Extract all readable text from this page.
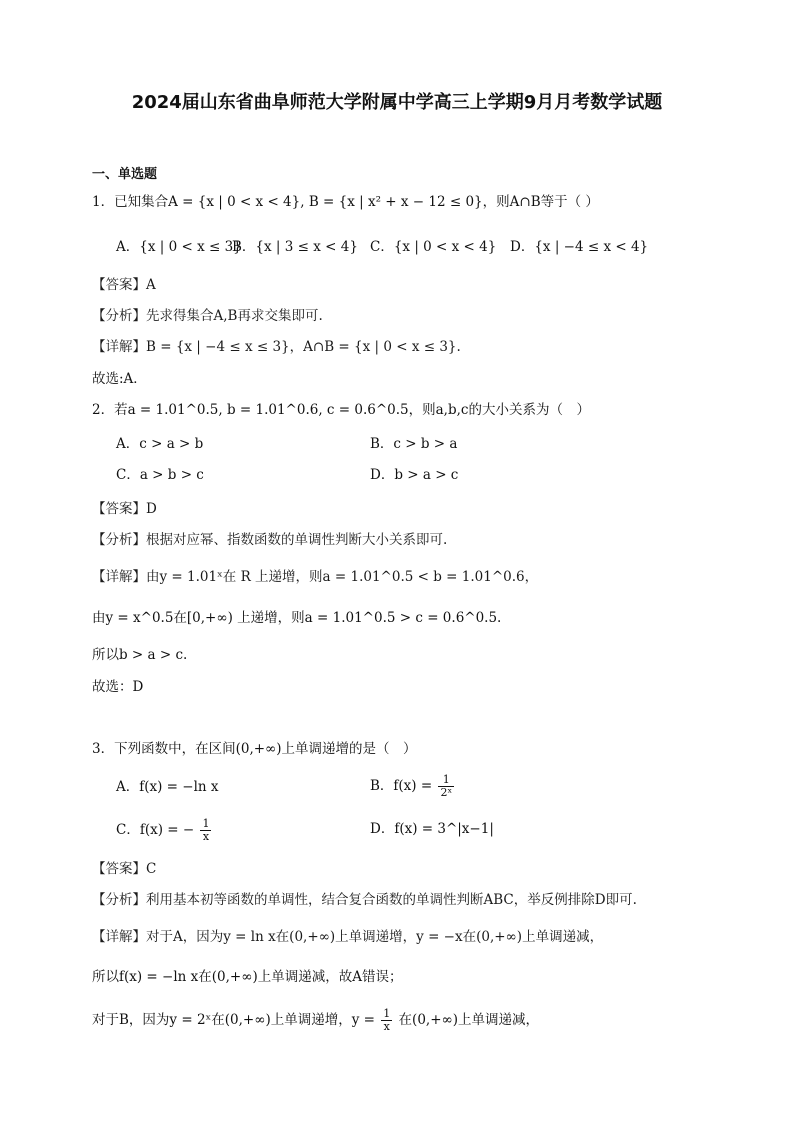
2024届山东省曲阜师范大学附属中学高三上学期9月月考数学试题
一、单选题
1．已知集合A = {x | 0 < x < 4}, B = {x | x² + x − 12 ≤ 0}，则A∩B等于（ ）
A．{x | 0 < x ≤ 3}
B．{x | 3 ≤ x < 4} C．{x | 0 < x < 4} D．{x | −4 ≤ x < 4}
【答案】A
【分析】先求得集合A,B再求交集即可.
【详解】B = {x | −4 ≤ x ≤ 3}，A∩B = {x | 0 < x ≤ 3}.
故选:A．
2．若a = 1.01^0.5, b = 1.01^0.6, c = 0.6^0.5，则a,b,c的大小关系为（　）
A．c > a > b	B．c > b > a
C．a > b > c	D．b > a > c
【答案】D
【分析】根据对应幂、指数函数的单调性判断大小关系即可.
【详解】由y = 1.01ˣ在 R 上递增，则a = 1.01^0.5 < b = 1.01^0.6，
由y = x^0.5在[0,+∞) 上递增，则a = 1.01^0.5 > c = 0.6^0.5.
所以b > a > c.
故选：D
3．下列函数中，在区间(0,+∞)上单调递增的是（　）
A．f(x) = −ln x	B．$f(x) = \frac{1}{\text{2ˣ}}$
C．f(x) = − $\frac{1}{x}$	D．f(x) = 3^|x−1|
【答案】C
【分析】利用基本初等函数的单调性，结合复合函数的单调性判断ABC，举反例排除D即可.
【详解】对于A，因为y = ln x在(0,+∞)上单调递增，y = −x在(0,+∞)上单调递减，
所以f(x) = −ln x在(0,+∞)上单调递减，故A错误；
对于B，因为y = 2ˣ在(0,+∞)上单调递增，$y = \frac{1}{x}$ 在(0,+∞)上单调递减，
